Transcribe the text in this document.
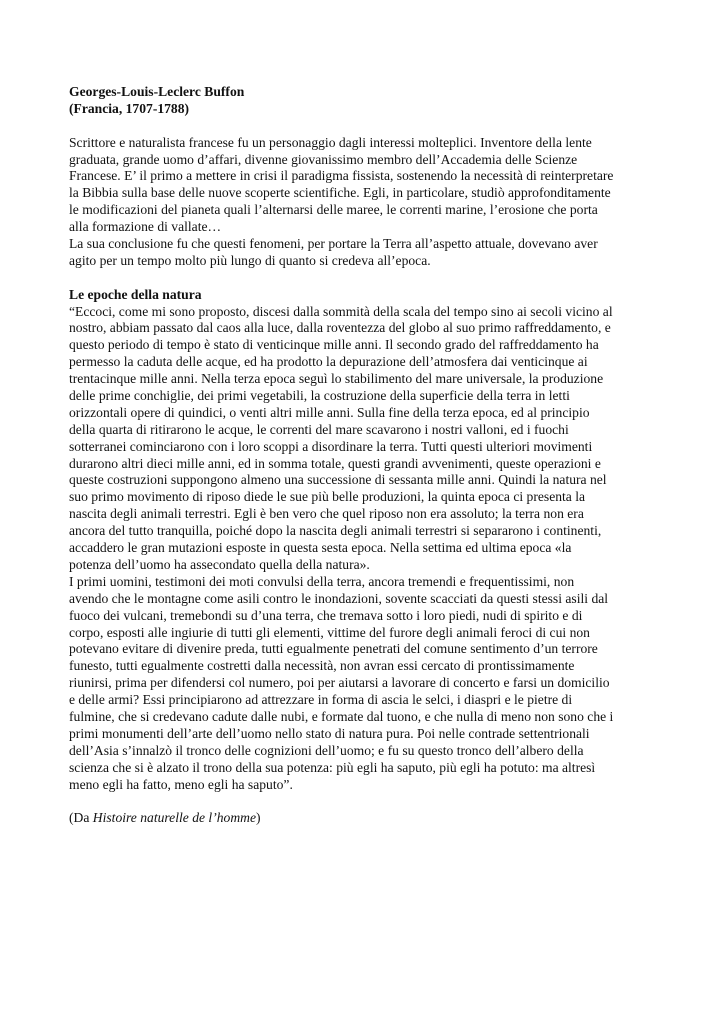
Georges-Louis-Leclerc Buffon
(Francia, 1707-1788)
Scrittore e naturalista francese fu un personaggio dagli interessi molteplici. Inventore della lente
graduata, grande uomo d’affari, divenne giovanissimo membro dell’Accademia delle Scienze
Francese. E’ il primo a mettere in crisi il paradigma fissista, sostenendo la necessità di reinterpretare
la Bibbia sulla base delle nuove scoperte scientifiche. Egli, in particolare, studiò approfonditamente
le modificazioni del pianeta quali l’alternarsi delle maree, le correnti marine, l’erosione che porta
alla formazione di vallate…
La sua conclusione fu che questi fenomeni, per portare la Terra all’aspetto attuale, dovevano aver
agito per un tempo molto più lungo di quanto si credeva all’epoca.
Le epoche della natura
“Eccoci, come mi sono proposto, discesi dalla sommità della scala del tempo sino ai secoli vicino al
nostro, abbiam passato dal caos alla luce, dalla roventezza del globo al suo primo raffreddamento, e
questo periodo di tempo è stato di venticinque mille anni. Il secondo grado del raffreddamento ha
permesso la caduta delle acque, ed ha prodotto la depurazione dell’atmosfera dai venticinque ai
trentacinque mille anni. Nella terza epoca seguì lo stabilimento del mare universale, la produzione
delle prime conchiglie, dei primi vegetabili, la costruzione della superficie della terra in letti
orizzontali opere di quindici, o venti altri mille anni. Sulla fine della terza epoca, ed al principio
della quarta di ritirarono le acque, le correnti del mare scavarono i nostri valloni, ed i fuochi
sotterranei cominciarono con i loro scoppi a disordinare la terra. Tutti questi ulteriori movimenti
durarono altri dieci mille anni, ed in somma totale, questi grandi avvenimenti, queste operazioni e
queste costruzioni suppongono almeno una successione di sessanta mille anni. Quindi la natura nel
suo primo movimento di riposo diede le sue più belle produzioni, la quinta epoca ci presenta la
nascita degli animali terrestri. Egli è ben vero che quel riposo non era assoluto; la terra non era
ancora del tutto tranquilla, poiché dopo la nascita degli animali terrestri si separarono i continenti,
accaddero le gran mutazioni esposte in questa sesta epoca. Nella settima ed ultima epoca «la
potenza dell’uomo ha assecondato quella della natura».
I primi uomini, testimoni dei moti convulsi della terra, ancora tremendi e frequentissimi, non
avendo che le montagne come asili contro le inondazioni, sovente scacciati da questi stessi asili dal
fuoco dei vulcani, tremebondi su d’una terra, che tremava sotto i loro piedi, nudi di spirito e di
corpo, esposti alle ingiurie di tutti gli elementi, vittime del furore degli animali feroci di cui non
potevano evitare di divenire preda, tutti egualmente penetrati del comune sentimento d’un terrore
funesto, tutti egualmente costretti dalla necessità, non avran essi cercato di prontissimamente
riunirsi, prima per difendersi col numero, poi per aiutarsi a lavorare di concerto e farsi un domicilio
e delle armi? Essi principiarono ad attrezzare in forma di ascia le selci, i diaspri e le pietre di
fulmine, che si credevano cadute dalle nubi, e formate dal tuono, e che nulla di meno non sono che i
primi monumenti dell’arte dell’uomo nello stato di natura pura. Poi nelle contrade settentrionali
dell’Asia s’innalzò il tronco delle cognizioni dell’uomo; e fu su questo tronco dell’albero della
scienza che si è alzato il trono della sua potenza: più egli ha saputo, più egli ha potuto: ma altresì
meno egli ha fatto, meno egli ha saputo”.
(Da Histoire naturelle de l’homme)
